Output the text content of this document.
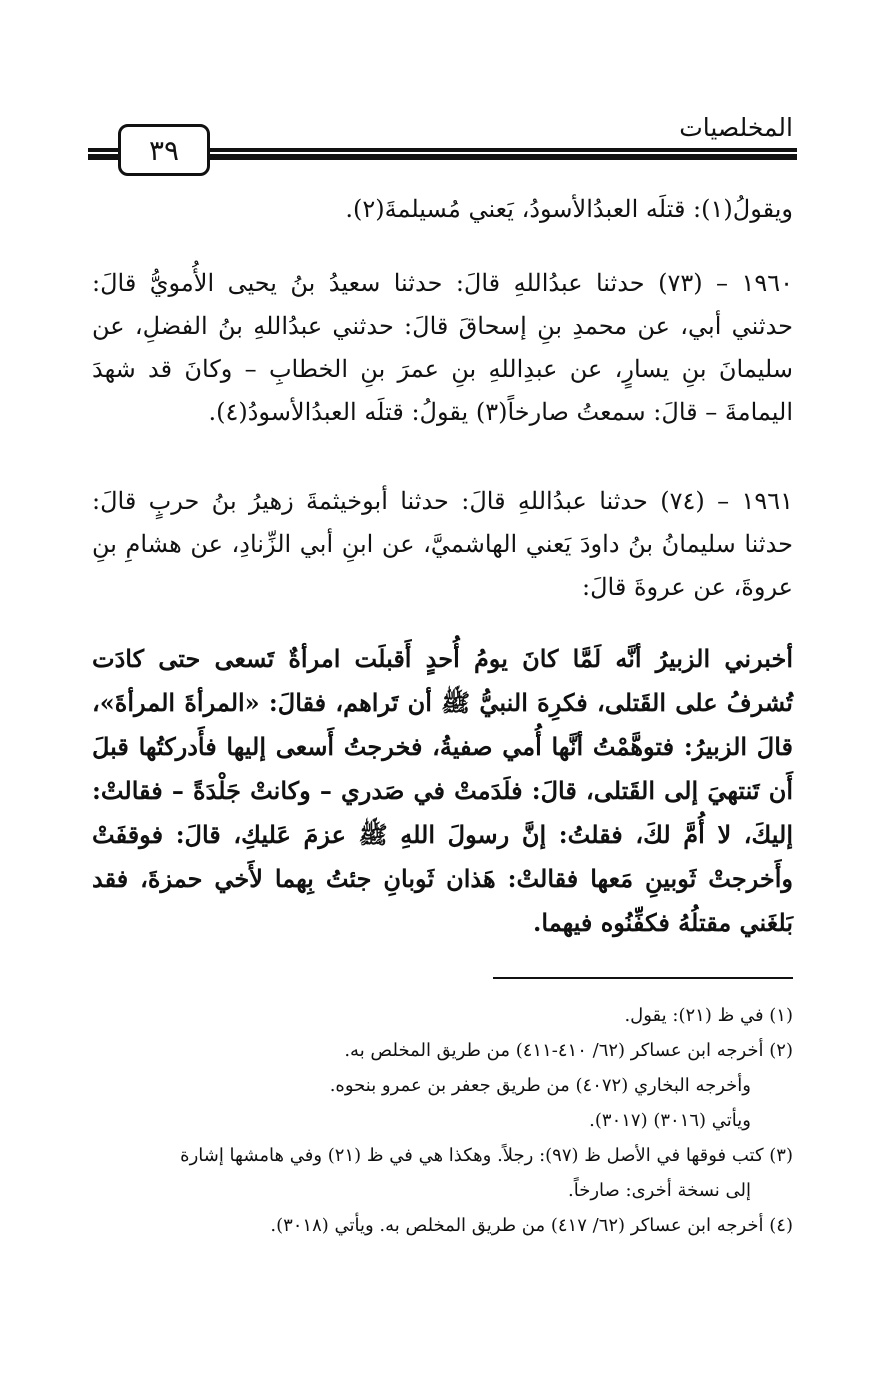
المخلصيات
٣٩

ويقولُ(١): قتلَه العبدُالأسودُ، يَعني مُسيلمةَ(٢).

١٩٦٠ – (٧٣) حدثنا عبدُاللهِ قالَ: حدثنا سعيدُ بنُ يحيى الأُمويُّ قالَ: حدثني أبي، عن محمدِ بنِ إسحاقَ قالَ: حدثني عبدُاللهِ بنُ الفضلِ، عن سليمانَ بنِ يسارٍ، عن عبدِاللهِ بنِ عمرَ بنِ الخطابِ – وكانَ قد شهدَ اليمامةَ – قالَ: سمعتُ صارخاً(٣) يقولُ: قتلَه العبدُالأسودُ(٤).

١٩٦١ – (٧٤) حدثنا عبدُاللهِ قالَ: حدثنا أبوخيثمةَ زهيرُ بنُ حربٍ قالَ: حدثنا سليمانُ بنُ داودَ يَعني الهاشميَّ، عن ابنِ أبي الزِّنادِ، عن هشامِ بنِ عروةَ، عن عروةَ قالَ:

أخبرني الزبيرُ أنَّه لَمَّا كانَ يومُ أُحدٍ أَقبلَت امرأةٌ تَسعى حتى كادَت تُشرفُ على القَتلى، فكرِهَ النبيُّ ﷺ أن تَراهم، فقالَ: «المرأةَ المرأةَ»، قالَ الزبيرُ: فتوهَّمْتُ أنَّها أُمي صفيةُ، فخرجتُ أَسعى إليها فأَدركتُها قبلَ أَن تَنتهيَ إلى القَتلى، قالَ: فلَدَمتْ في صَدري – وكانتْ جَلْدَةً – فقالتْ: إليكَ، لا أُمَّ لكَ، فقلتُ: إنَّ رسولَ اللهِ ﷺ عزمَ عَليكِ، قالَ: فوقفَتْ وأَخرجتْ ثَوبينِ مَعها فقالتْ: هَذان ثَوبانِ جئتُ بِهما لأَخي حمزةَ، فقد بَلغَني مقتلُهُ فكفِّنُوه فيهما.

(١) في ظ (٢١): يقول.

(٢) أخرجه ابن عساكر (٦٢/ ٤١٠-٤١١) من طريق المخلص به.

وأخرجه البخاري (٤٠٧٢) من طريق جعفر بن عمرو بنحوه.

ويأتي (٣٠١٦) (٣٠١٧).

(٣) كتب فوقها في الأصل ظ (٩٧): رجلاً. وهكذا هي في ظ (٢١) وفي هامشها إشارة

إلى نسخة أخرى: صارخاً.

(٤) أخرجه ابن عساكر (٦٢/ ٤١٧) من طريق المخلص به. ويأتي (٣٠١٨).
